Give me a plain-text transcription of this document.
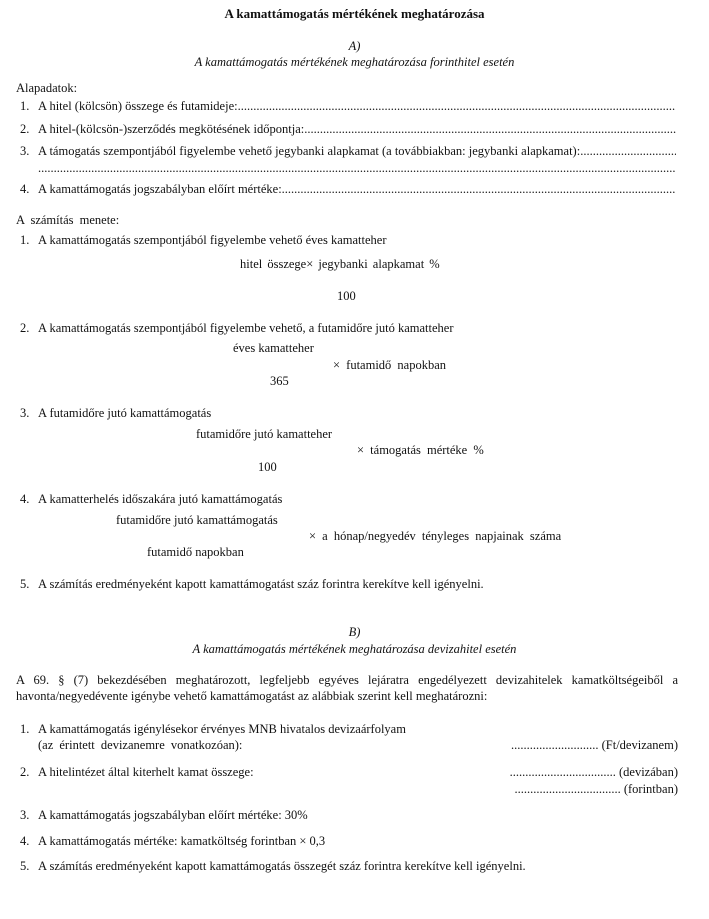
A kamattámogatás mértékének meghatározása
A)
A kamattámogatás mértékének meghatározása forinthitel esetén
Alapadatok:
1. A hitel (kölcsön) összege és futamideje:
.....
2. A hitel-(kölcsön-)szerződés megkötésének időpontja:
.....
3. A támogatás szempontjából figyelembe vehető jegybanki alapkamat (a továbbiakban: jegybanki alapkamat):
.....
.....
4. A kamattámogatás jogszabályban előírt mértéke:
.....
A számítás menete:
1. A kamattámogatás szempontjából figyelembe vehető éves kamatteher
hitel összege× jegybanki alapkamat %
100
2. A kamattámogatás szempontjából figyelembe vehető, a futamidőre jutó kamatteher
éves kamatteher
× futamidő napokban
365
3. A futamidőre jutó kamattámogatás
futamidőre jutó kamatteher
× támogatás mértéke %
100
4. A kamatterhelés időszakára jutó kamattámogatás
futamidőre jutó kamattámogatás
× a hónap/negyedév tényleges napjainak száma
futamidő napokban
5. A számítás eredményeként kapott kamattámogatást száz forintra kerekítve kell igényelni.
B)
A kamattámogatás mértékének meghatározása devizahitel esetén
A 69. § (7) bekezdésében meghatározott, legfeljebb egyéves lejáratra engedélyezett devizahitelek kamatköltségeiből a
havonta/negyedévente igénybe vehető kamattámogatást az alábbiak szerint kell meghatározni:
1. A kamattámogatás igénylésekor érvényes MNB hivatalos devizaárfolyam
(az érintett devizanemre vonatkozóan):	............................ (Ft/devizanem)
2. A hitelintézet által kiterhelt kamat összege:	.................................. (devizában)
.................................. (forintban)
3. A kamattámogatás jogszabályban előírt mértéke: 30%
4. A kamattámogatás mértéke: kamatköltség forintban × 0,3
5. A számítás eredményeként kapott kamattámogatás összegét száz forintra kerekítve kell igényelni.
